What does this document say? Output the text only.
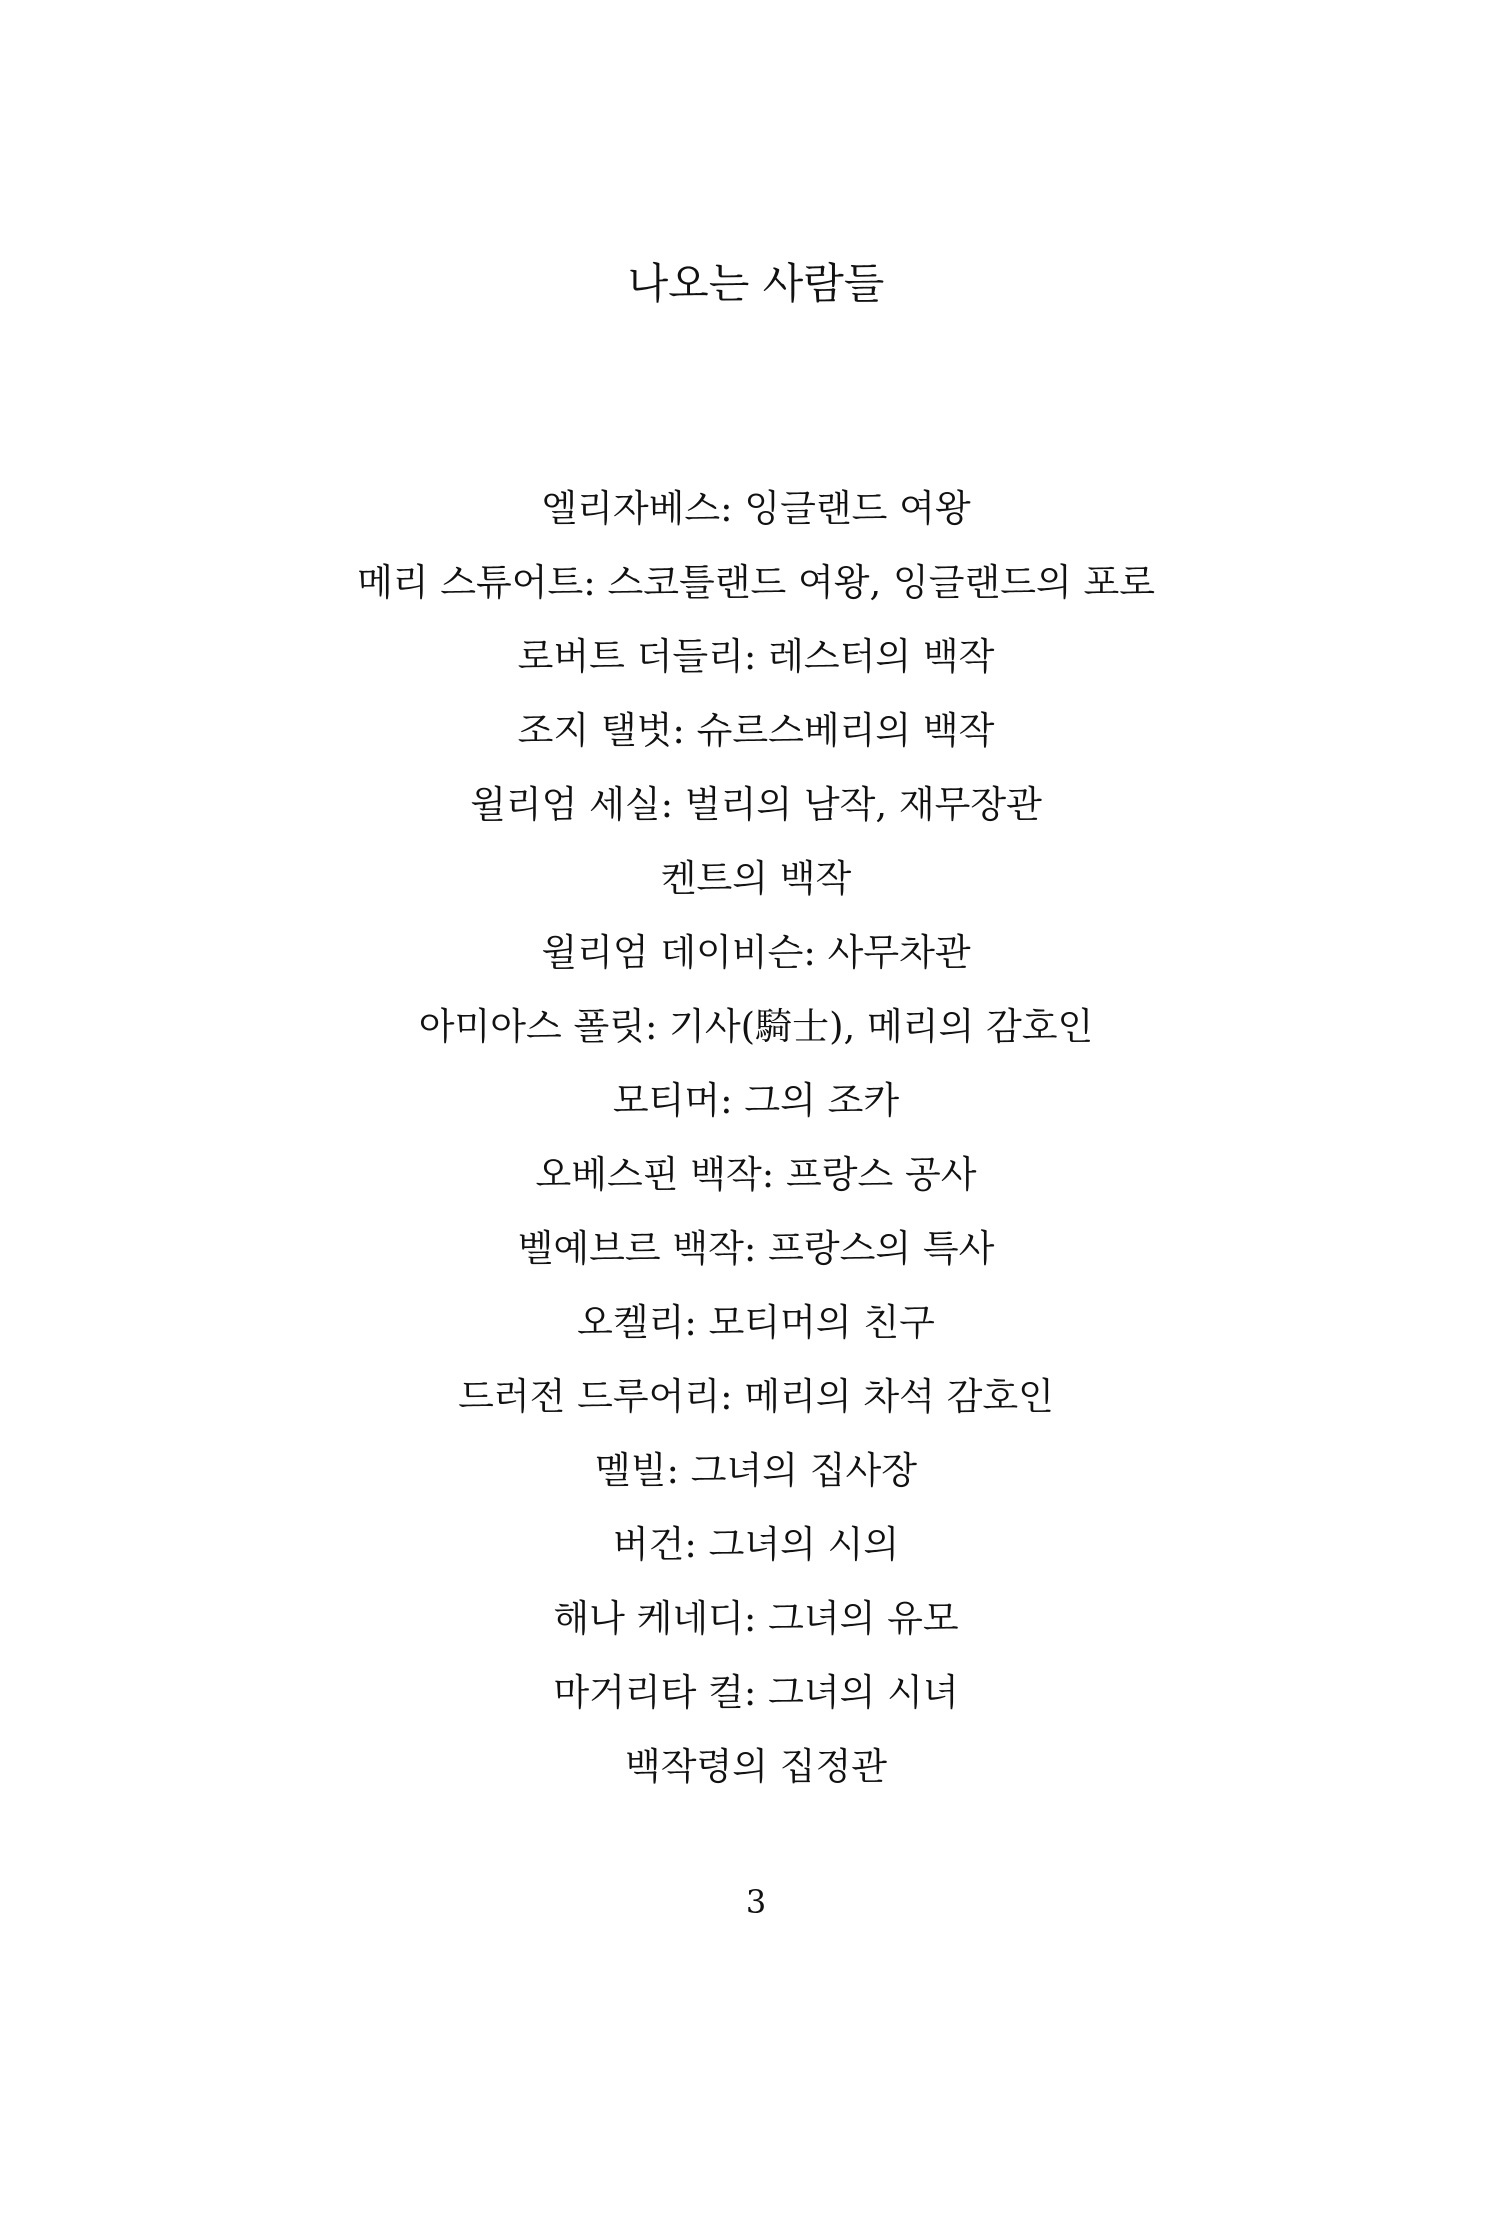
나오는 사람들
엘리자베스: 잉글랜드 여왕
메리 스튜어트: 스코틀랜드 여왕, 잉글랜드의 포로
로버트 더들리: 레스터의 백작
조지 탤벗: 슈르스베리의 백작
윌리엄 세실: 벌리의 남작, 재무장관
켄트의 백작
윌리엄 데이비슨: 사무차관
아미아스 폴릿: 기사(騎士), 메리의 감호인
모티머: 그의 조카
오베스핀 백작: 프랑스 공사
벨예브르 백작: 프랑스의 특사
오켈리: 모티머의 친구
드러전 드루어리: 메리의 차석 감호인
멜빌: 그녀의 집사장
버건: 그녀의 시의
해나 케네디: 그녀의 유모
마거리타 컬: 그녀의 시녀
백작령의 집정관
3
